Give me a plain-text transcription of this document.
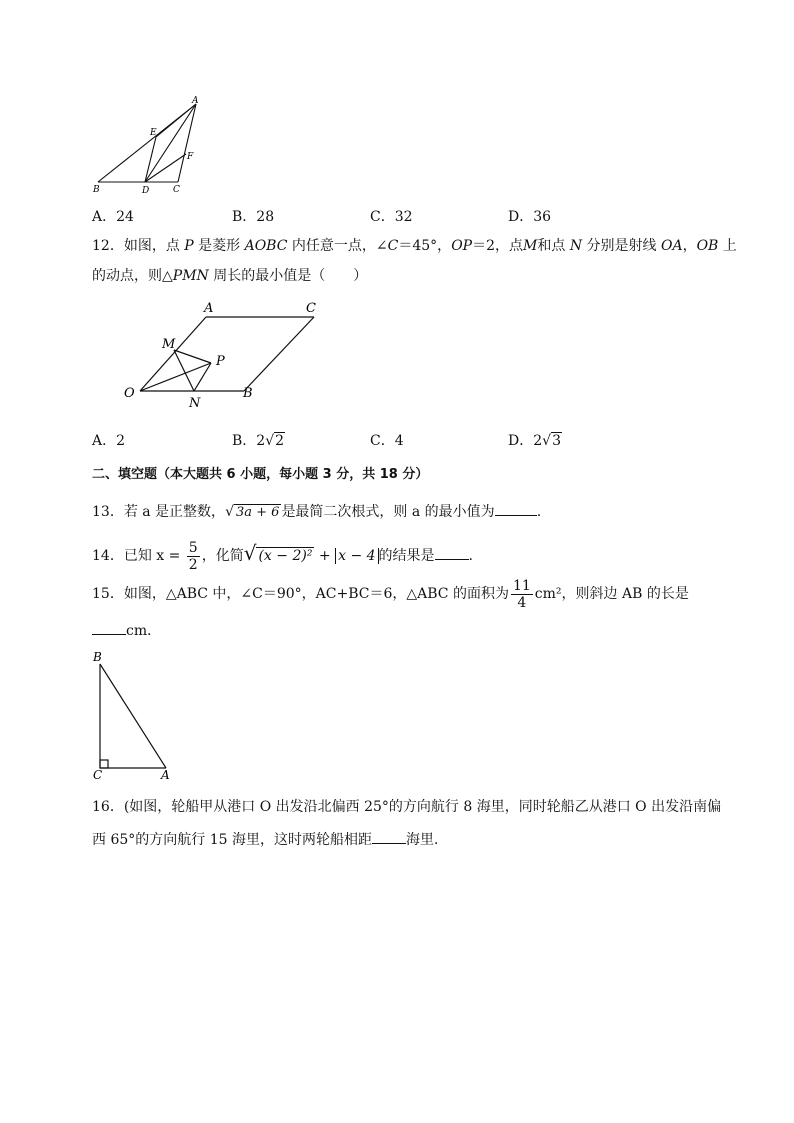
A
E
F
B	D	C
A．24	B．28	C．32	D．36
12．如图，点 P 是菱形 AOBC 内任意一点，∠C＝45°，OP＝2，点M和点 N 分别是射线 OA，OB 上
的动点，则△PMN 周长的最小值是（　　）
A	C
M
P
O	B
N
A．2	B．2√2	C．4	D．2√3
二、填空题（本大题共 6 小题，每小题 3 分，共 18 分）
13．若 a 是正整数，√ 3a + 6 是最简二次根式，则 a 的最小值为	.
14．已知 $x = \frac{5}{2}$ ，化简√ (x − 2)² + x − 4 的结果是 .
15．如图，△ABC 中，∠C＝90°，AC+BC＝6，△ABC 的面积为 $\frac{11}{4} cm^2$，则斜边 AB 的长是
cm．
B
C	A
16．(如图，轮船甲从港口 O 出发沿北偏西 25°的方向航行 8 海里，同时轮船乙从港口 O 出发沿南偏
西 65°的方向航行 15 海里，这时两轮船相距 海里．
